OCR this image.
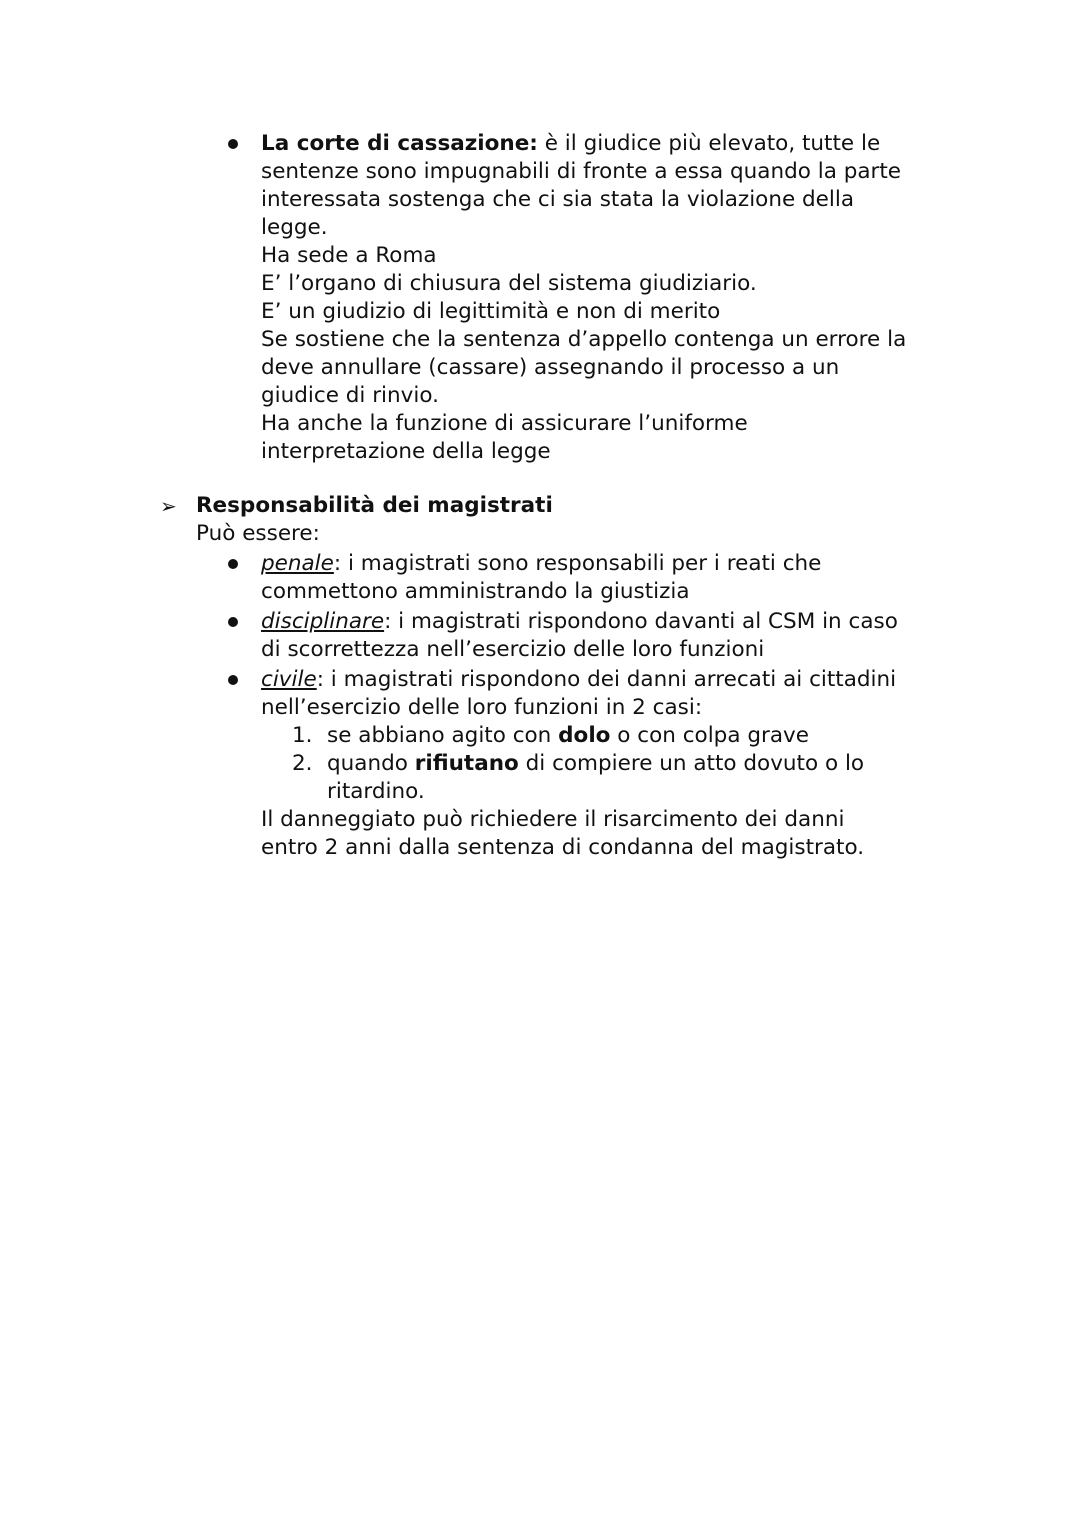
La corte di cassazione: è il giudice più elevato, tutte le
sentenze sono impugnabili di fronte a essa quando la parte
interessata sostenga che ci sia stata la violazione della
legge.
Ha sede a Roma
E’ l’organo di chiusura del sistema giudiziario.
E’ un giudizio di legittimità e non di merito
Se sostiene che la sentenza d’appello contenga un errore la
deve annullare (cassare) assegnando il processo a un
giudice di rinvio.
Ha anche la funzione di assicurare l’uniforme
interpretazione della legge
➢ Responsabilità dei magistrati
Può essere:
penale: i magistrati sono responsabili per i reati che
commettono amministrando la giustizia
disciplinare: i magistrati rispondono davanti al CSM in caso
di scorrettezza nell’esercizio delle loro funzioni
civile: i magistrati rispondono dei danni arrecati ai cittadini
nell’esercizio delle loro funzioni in 2 casi:
1. se abbiano agito con dolo o con colpa grave
2. quando rifiutano di compiere un atto dovuto o lo
ritardino.
Il danneggiato può richiedere il risarcimento dei danni
entro 2 anni dalla sentenza di condanna del magistrato.
